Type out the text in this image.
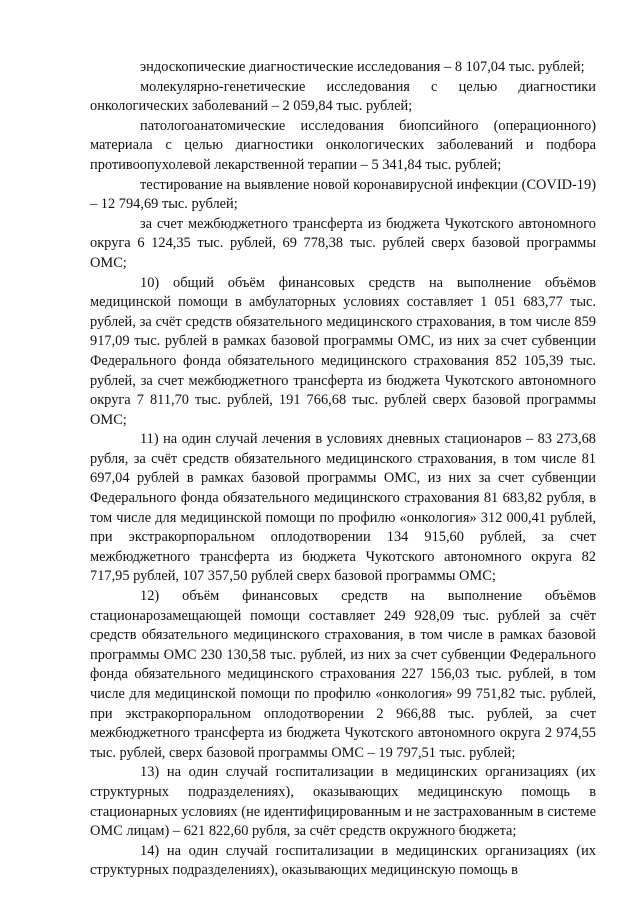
эндоскопические диагностические исследования – 8 107,04 тыс. рублей;

молекулярно-генетические исследования с целью диагностики онкологических заболеваний – 2 059,84 тыс. рублей;

патологоанатомические исследования биопсийного (операционного) материала с целью диагностики онкологических заболеваний и подбора противоопухолевой лекарственной терапии – 5 341,84 тыс. рублей;

тестирование на выявление новой коронавирусной инфекции (COVID-19) – 12 794,69 тыс. рублей;

за счет межбюджетного трансферта из бюджета Чукотского автономного округа 6 124,35 тыс. рублей, 69 778,38 тыс. рублей сверх базовой программы ОМС;

10) общий объём финансовых средств на выполнение объёмов медицинской помощи в амбулаторных условиях составляет 1 051 683,77 тыс. рублей, за счёт средств обязательного медицинского страхования, в том числе 859 917,09 тыс. рублей в рамках базовой программы ОМС, из них за счет субвенции Федерального фонда обязательного медицинского страхования 852 105,39 тыс. рублей, за счет межбюджетного трансферта из бюджета Чукотского автономного округа 7 811,70 тыс. рублей, 191 766,68 тыс. рублей сверх базовой программы ОМС;

11) на один случай лечения в условиях дневных стационаров – 83 273,68 рубля, за счёт средств обязательного медицинского страхования, в том числе 81 697,04 рублей в рамках базовой программы ОМС, из них за счет субвенции Федерального фонда обязательного медицинского страхования 81 683,82 рубля, в том числе для медицинской помощи по профилю «онкология» 312 000,41 рублей, при экстракорпоральном оплодотворении 134 915,60 рублей, за счет межбюджетного трансферта из бюджета Чукотского автономного округа 82 717,95 рублей, 107 357,50 рублей сверх базовой программы ОМС;

12) объём финансовых средств на выполнение объёмов стационарозамещающей помощи составляет 249 928,09 тыс. рублей за счёт средств обязательного медицинского страхования, в том числе в рамках базовой программы ОМС 230 130,58 тыс. рублей, из них за счет субвенции Федерального фонда обязательного медицинского страхования 227 156,03 тыс. рублей, в том числе для медицинской помощи по профилю «онкология» 99 751,82 тыс. рублей, при экстракорпоральном оплодотворении 2 966,88 тыс. рублей, за счет межбюджетного трансферта из бюджета Чукотского автономного округа 2 974,55 тыс. рублей, сверх базовой программы ОМС – 19 797,51 тыс. рублей;

13) на один случай госпитализации в медицинских организациях (их структурных подразделениях), оказывающих медицинскую помощь в стационарных условиях (не идентифицированным и не застрахованным в системе ОМС лицам) – 621 822,60 рубля, за счёт средств окружного бюджета;

14) на один случай госпитализации в медицинских организациях (их структурных подразделениях), оказывающих медицинскую помощь в
